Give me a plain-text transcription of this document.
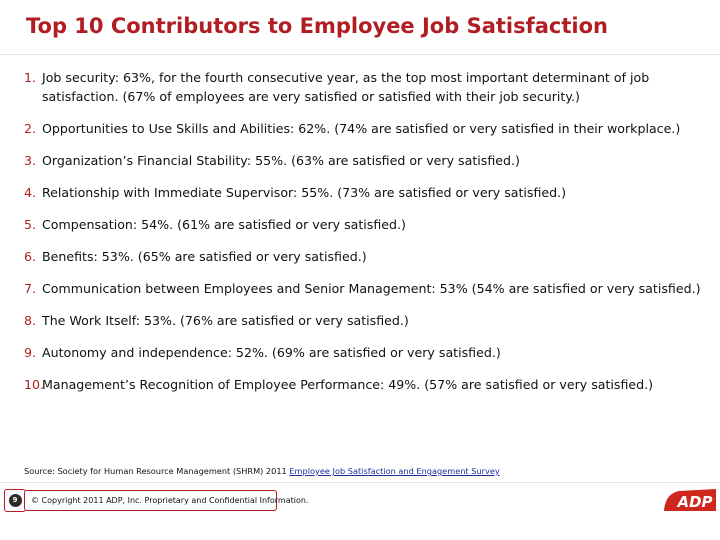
Top 10 Contributors to Employee Job Satisfaction
1. Job security: 63%, for the fourth consecutive year, as the top most important determinant of job satisfaction. (67% of employees are very satisfied or satisfied with their job security.)
2. Opportunities to Use Skills and Abilities: 62%. (74% are satisfied or very satisfied in their workplace.)
3. Organization’s Financial Stability: 55%. (63% are satisfied or very satisfied.)
4. Relationship with Immediate Supervisor: 55%. (73% are satisfied or very satisfied.)
5. Compensation: 54%. (61% are satisfied or very satisfied.)
6. Benefits: 53%. (65% are satisfied or very satisfied.)
7. Communication between Employees and Senior Management: 53% (54% are satisfied or very satisfied.)
8. The Work Itself: 53%. (76% are satisfied or very satisfied.)
9. Autonomy and independence: 52%. (69% are satisfied or very satisfied.)
10.
Management’s Recognition of Employee Performance: 49%. (57% are satisfied or very satisfied.)
Source: Society for Human Resource Management (SHRM) 2011 Employee Job Satisfaction and Engagement Survey
9	© Copyright 2011 ADP, Inc. Proprietary and Confidential Information.	ADP
